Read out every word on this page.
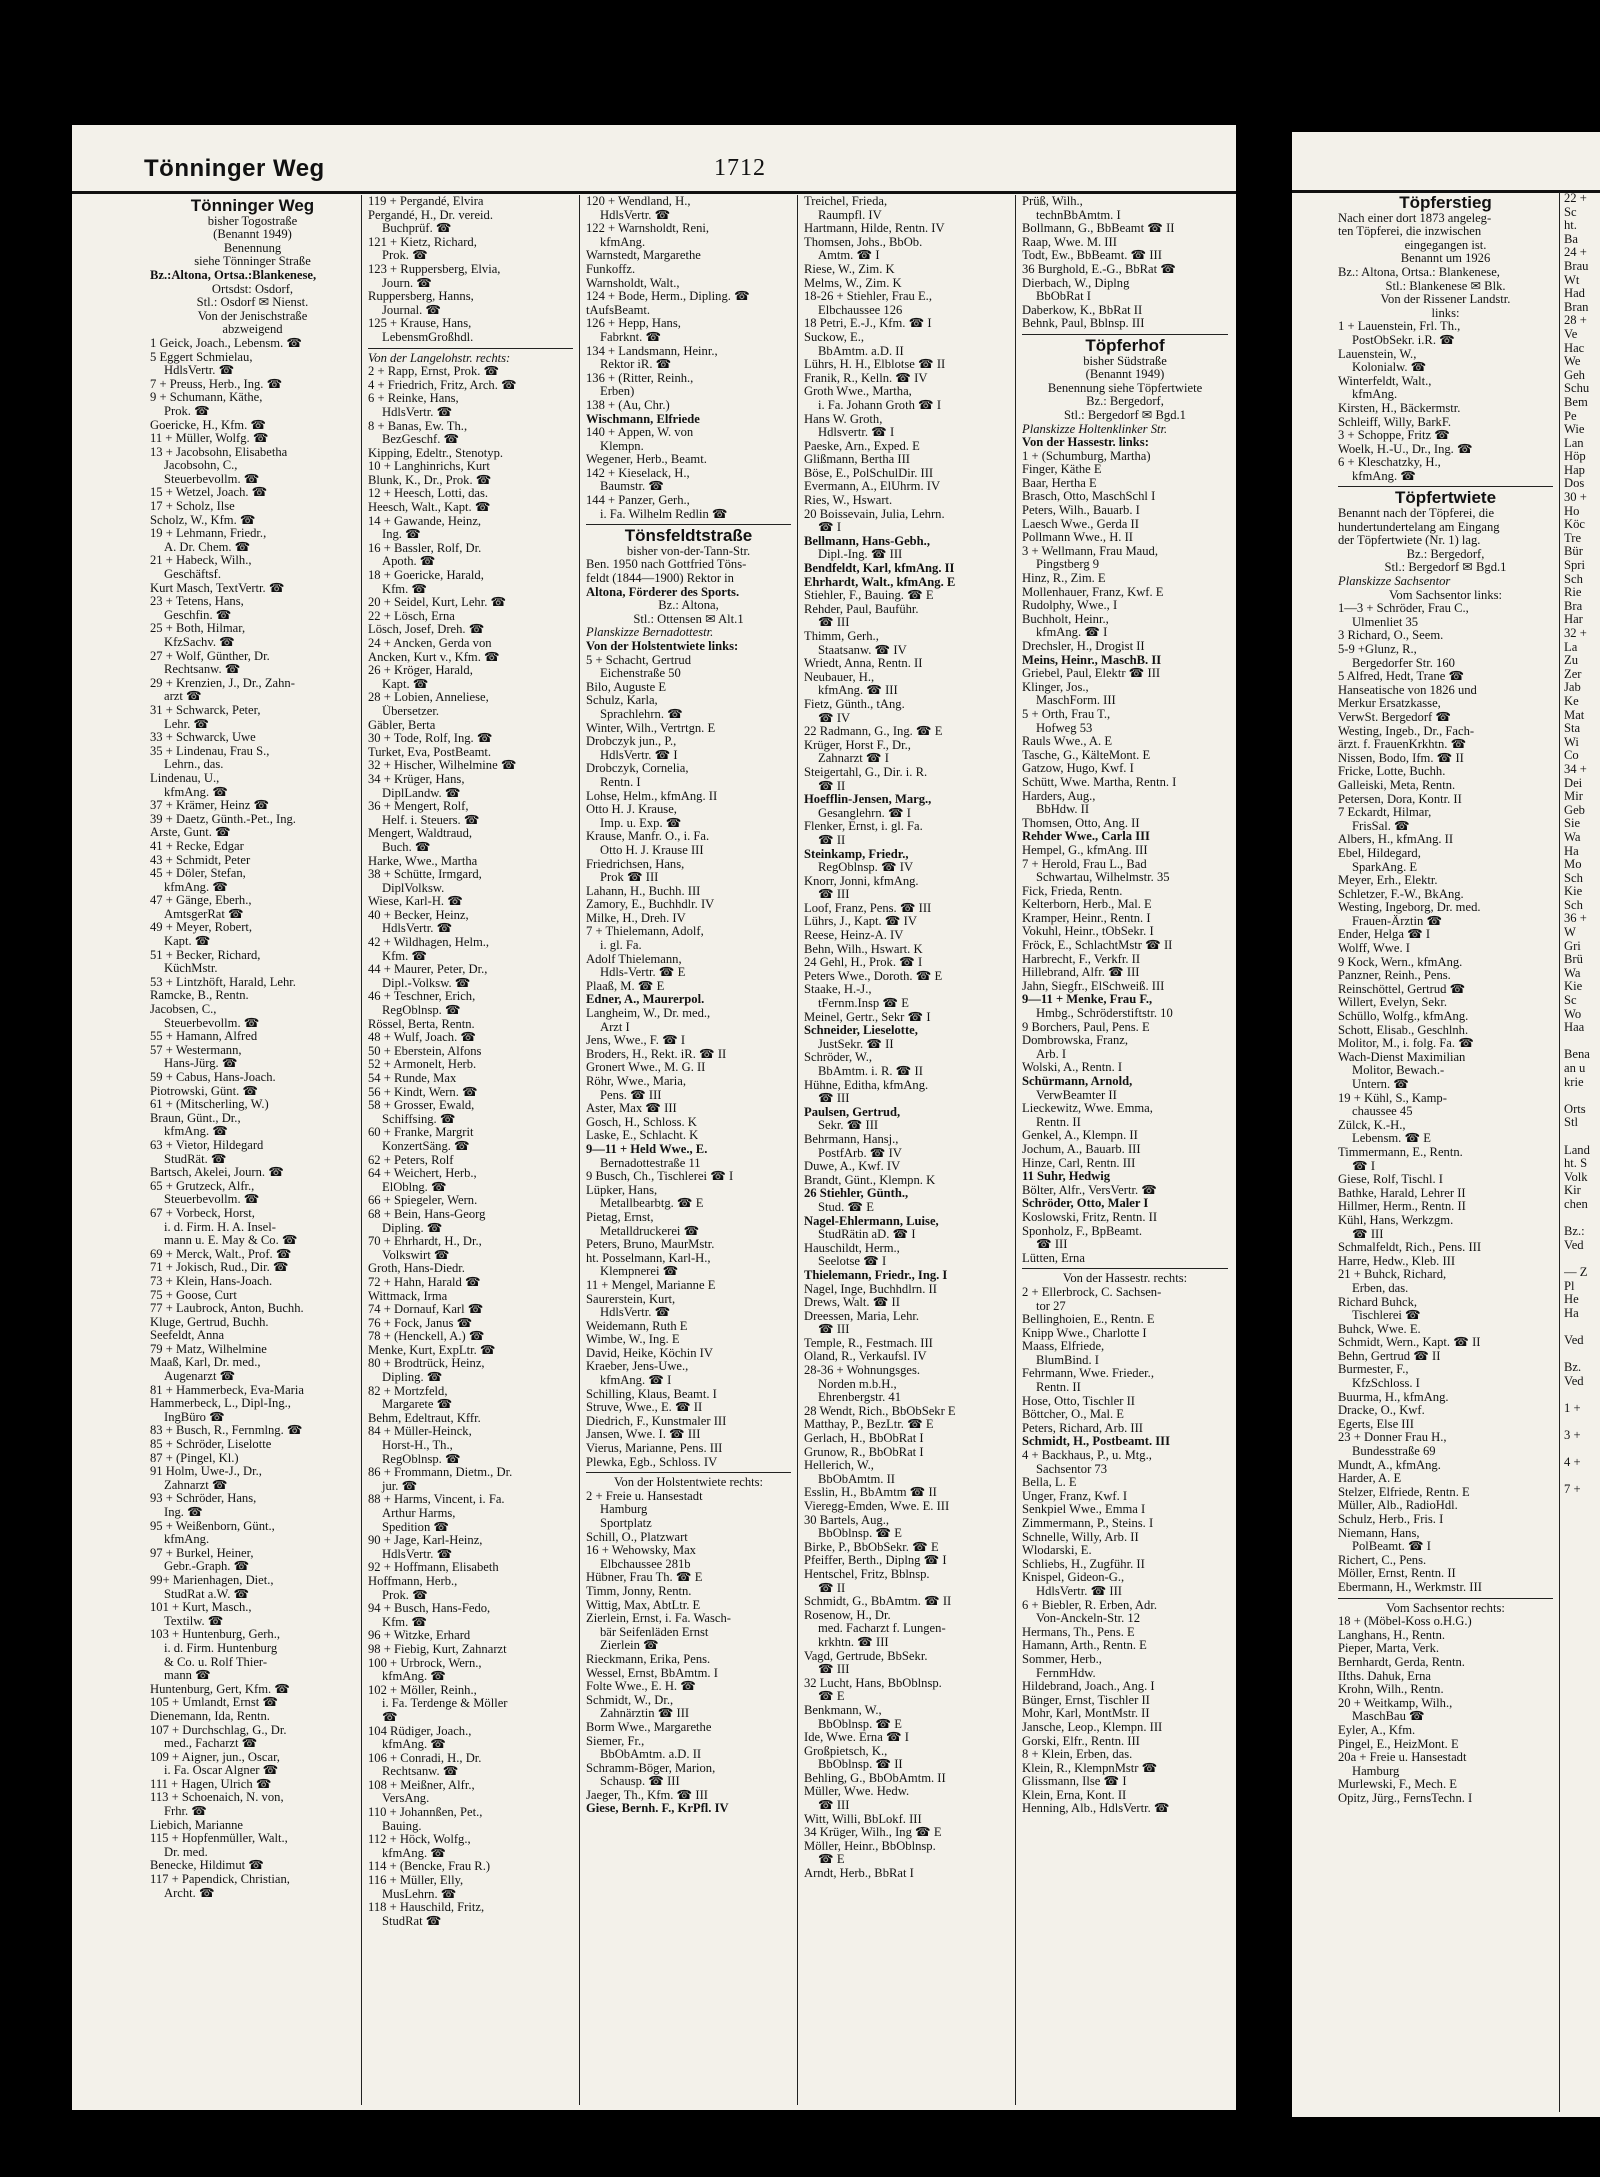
Tönninger Weg	1712
Tönninger Weg
bisher Togostraße
(Benannt 1949)
Benennung
siehe Tönninger Straße
Bz.:Altona, Ortsa.:Blankenese,
Ortsdst: Osdorf,
Stl.: Osdorf ✉ Nienst.
Von der Jenischstraße
abzweigend
1 Geick, Joach., Lebensm. ☎
5 Eggert Schmielau,
HdlsVertr. ☎
7 + Preuss, Herb., Ing. ☎
9 + Schumann, Käthe,
Prok. ☎
Goericke, H., Kfm. ☎
11 + Müller, Wolfg. ☎
13 + Jacobsohn, Elisabetha
Jacobsohn, C.,
Steuerbevollm. ☎
15 + Wetzel, Joach. ☎
17 + Scholz, Ilse
Scholz, W., Kfm. ☎
19 + Lehmann, Friedr.,
A. Dr. Chem. ☎
21 + Habeck, Wilh.,
Geschäftsf.
Kurt Masch, TextVertr. ☎
23 + Tetens, Hans,
Geschfin. ☎
25 + Both, Hilmar,
KfzSachv. ☎
27 + Wolf, Günther, Dr.
Rechtsanw. ☎
29 + Krenzien, J., Dr., Zahn-
arzt ☎
31 + Schwarck, Peter,
Lehr. ☎
33 + Schwarck, Uwe
35 + Lindenau, Frau S.,
Lehrn., das.
Lindenau, U.,
kfmAng. ☎
37 + Krämer, Heinz ☎
39 + Daetz, Günth.-Pet., Ing.
Arste, Gunt. ☎
41 + Recke, Edgar
43 + Schmidt, Peter
45 + Döler, Stefan,
kfmAng. ☎
47 + Gänge, Eberh.,
AmtsgerRat ☎
49 + Meyer, Robert,
Kapt. ☎
51 + Becker, Richard,
KüchMstr.
53 + Lintzhöft, Harald, Lehr.
Ramcke, B., Rentn.
Jacobsen, C.,
Steuerbevollm. ☎
55 + Hamann, Alfred
57 + Westermann,
Hans-Jürg. ☎
59 + Cabus, Hans-Joach.
Piotrowski, Günt. ☎
61 + (Mitscherling, W.)
Braun, Günt., Dr.,
kfmAng. ☎
63 + Vietor, Hildegard
StudRät. ☎
Bartsch, Akelei, Journ. ☎
65 + Grutzeck, Alfr.,
Steuerbevollm. ☎
67 + Vorbeck, Horst,
i. d. Firm. H. A. Insel-
mann u. E. May & Co. ☎
69 + Merck, Walt., Prof. ☎
71 + Jokisch, Rud., Dir. ☎
73 + Klein, Hans-Joach.
75 + Goose, Curt
77 + Laubrock, Anton, Buchh.
Kluge, Gertrud, Buchh.
Seefeldt, Anna
79 + Matz, Wilhelmine
Maaß, Karl, Dr. med.,
Augenarzt ☎
81 + Hammerbeck, Eva-Maria
Hammerbeck, L., Dipl-Ing.,
IngBüro ☎
83 + Busch, R., Fernmlng. ☎
85 + Schröder, Liselotte
87 + (Pingel, Kl.)
91 Holm, Uwe-J., Dr.,
Zahnarzt ☎
93 + Schröder, Hans,
Ing. ☎
95 + Weißenborn, Günt.,
kfmAng.
97 + Burkel, Heiner,
Gebr.-Graph. ☎
99+ Marienhagen, Diet.,
StudRat a.W. ☎
101 + Kurt, Masch.,
Textilw. ☎
103 + Huntenburg, Gerh.,
i. d. Firm. Huntenburg
& Co. u. Rolf Thier-
mann ☎
Huntenburg, Gert, Kfm. ☎
105 + Umlandt, Ernst ☎
Dienemann, Ida, Rentn.
107 + Durchschlag, G., Dr.
med., Facharzt ☎
109 + Aigner, jun., Oscar,
i. Fa. Oscar Algner ☎
111 + Hagen, Ulrich ☎
113 + Schoenaich, N. von,
Frhr. ☎
Liebich, Marianne
115 + Hopfenmüller, Walt.,
Dr. med.
Benecke, Hildimut ☎
117 + Papendick, Christian,
Archt. ☎
119 + Pergandé, Elvira
Pergandé, H., Dr. vereid.
Buchprüf. ☎
121 + Kietz, Richard,
Prok. ☎
123 + Ruppersberg, Elvia,
Journ. ☎
Ruppersberg, Hanns,
Journal. ☎
125 + Krause, Hans,
LebensmGroßhdl.
Von der Langelohstr. rechts:
2 + Rapp, Ernst, Prok. ☎
4 + Friedrich, Fritz, Arch. ☎
6 + Reinke, Hans,
HdlsVertr. ☎
8 + Banas, Ew. Th.,
BezGeschf. ☎
Kipping, Edeltr., Stenotyp.
10 + Langhinrichs, Kurt
Blunk, K., Dr., Prok. ☎
12 + Heesch, Lotti, das.
Heesch, Walt., Kapt. ☎
14 + Gawande, Heinz,
Ing. ☎
16 + Bassler, Rolf, Dr.
Apoth. ☎
18 + Goericke, Harald,
Kfm. ☎
20 + Seidel, Kurt, Lehr. ☎
22 + Lösch, Erna
Lösch, Josef, Dreh. ☎
24 + Ancken, Gerda von
Ancken, Kurt v., Kfm. ☎
26 + Kröger, Harald,
Kapt. ☎
28 + Lobien, Anneliese,
Übersetzer.
Gäbler, Berta
30 + Tode, Rolf, Ing. ☎
Turket, Eva, PostBeamt.
32 + Hischer, Wilhelmine ☎
34 + Krüger, Hans,
DiplLandw. ☎
36 + Mengert, Rolf,
Helf. i. Steuers. ☎
Mengert, Waldtraud,
Buch. ☎
Harke, Wwe., Martha
38 + Schütte, Irmgard,
DiplVolksw.
Wiese, Karl-H. ☎
40 + Becker, Heinz,
HdlsVertr. ☎
42 + Wildhagen, Helm.,
Kfm. ☎
44 + Maurer, Peter, Dr.,
Dipl.-Volksw. ☎
46 + Teschner, Erich,
RegOblnsp. ☎
Rössel, Berta, Rentn.
48 + Wulf, Joach. ☎
50 + Eberstein, Alfons
52 + Armonelt, Herb.
54 + Runde, Max
56 + Kindt, Wern. ☎
58 + Grosser, Ewald,
Schiffsing. ☎
60 + Franke, Margrit
KonzertSäng. ☎
62 + Peters, Rolf
64 + Weichert, Herb.,
ElOblng. ☎
66 + Spiegeler, Wern.
68 + Bein, Hans-Georg
Dipling. ☎
70 + Ehrhardt, H., Dr.,
Volkswirt ☎
Groth, Hans-Diedr.
72 + Hahn, Harald ☎
Wittmack, Irma
74 + Dornauf, Karl ☎
76 + Fock, Janus ☎
78 + (Henckell, A.) ☎
Menke, Kurt, ExpLtr. ☎
80 + Brodtrück, Heinz,
Dipling. ☎
82 + Mortzfeld,
Margarete ☎
Behm, Edeltraut, Kffr.
84 + Müller-Heinck,
Horst-H., Th.,
RegOblnsp. ☎
86 + Frommann, Dietm., Dr.
jur. ☎
88 + Harms, Vincent, i. Fa.
Arthur Harms,
Spedition ☎
90 + Jage, Karl-Heinz,
HdlsVertr. ☎
92 + Hoffmann, Elisabeth
Hoffmann, Herb.,
Prok. ☎
94 + Busch, Hans-Fedo,
Kfm. ☎
96 + Witzke, Erhard
98 + Fiebig, Kurt, Zahnarzt
100 + Urbrock, Wern.,
kfmAng. ☎
102 + Möller, Reinh.,
i. Fa. Terdenge & Möller
☎
104 Rüdiger, Joach.,
kfmAng. ☎
106 + Conradi, H., Dr.
Rechtsanw. ☎
108 + Meißner, Alfr.,
VersAng.
110 + Johannßen, Pet.,
Bauing.
112 + Höck, Wolfg.,
kfmAng. ☎
114 + (Bencke, Frau R.)
116 + Müller, Elly,
MusLehrn. ☎
118 + Hauschild, Fritz,
StudRat ☎
120 + Wendland, H.,
HdlsVertr. ☎
122 + Warnsholdt, Reni,
kfmAng.
Warnstedt, Margarethe
Funkoffz.
Warnsholdt, Walt.,
124 + Bode, Herm., Dipling. ☎
tAufsBeamt.
126 + Hepp, Hans,
Fabrknt. ☎
134 + Landsmann, Heinr.,
Rektor iR. ☎
136 + (Ritter, Reinh.,
Erben)
138 + (Au, Chr.)
Wischmann, Elfriede
140 + Appen, W. von
Klempn.
Wegener, Herb., Beamt.
142 + Kieselack, H.,
Baumstr. ☎
144 + Panzer, Gerh.,
i. Fa. Wilhelm Redlin ☎
Tönsfeldtstraße
bisher von-der-Tann-Str.
Ben. 1950 nach Gottfried Töns-
feldt (1844—1900) Rektor in
Altona, Förderer des Sports.
Bz.: Altona,
Stl.: Ottensen ✉ Alt.1
Planskizze Bernadottestr.
Von der Holstentwiete links:
5 + Schacht, Gertrud
Eichenstraße 50
Bilo, Auguste E
Schulz, Karla,
Sprachlehrn. ☎
Winter, Wilh., Vertrtgn. E
Drobczyk jun., P.,
HdlsVertr. ☎ I
Drobczyk, Cornelia,
Rentn. I
Lohse, Helm., kfmAng. II
Otto H. J. Krause,
Imp. u. Exp. ☎
Krause, Manfr. O., i. Fa.
Otto H. J. Krause III
Friedrichsen, Hans,
Prok ☎ III
Lahann, H., Buchh. III
Zamory, E., Buchhdlr. IV
Milke, H., Dreh. IV
7 + Thielemann, Adolf,
i. gl. Fa.
Adolf Thielemann,
Hdls-Vertr. ☎ E
Plaaß, M. ☎ E
Edner, A., Maurerpol.
Langheim, W., Dr. med.,
Arzt I
Jens, Wwe., F. ☎ I
Broders, H., Rekt. iR. ☎ II
Gronert Wwe., M. G. II
Röhr, Wwe., Maria,
Pens. ☎ III
Aster, Max ☎ III
Gosch, H., Schloss. K
Laske, E., Schlacht. K
9—11 + Held Wwe., E.
Bernadottestraße 11
9 Busch, Ch., Tischlerei ☎ I
Lüpker, Hans,
Metallbearbtg. ☎ E
Pietag, Ernst,
Metalldruckerei ☎
Peters, Bruno, MaurMstr.
ht. Posselmann, Karl-H.,
Klempnerei ☎
11 + Mengel, Marianne E
Saurerstein, Kurt,
HdlsVertr. ☎
Weidemann, Ruth E
Wimbe, W., Ing. E
David, Heike, Köchin IV
Kraeber, Jens-Uwe.,
kfmAng. ☎ I
Schilling, Klaus, Beamt. I
Struve, Wwe., E. ☎ II
Diedrich, F., Kunstmaler III
Jansen, Wwe. I. ☎ III
Vierus, Marianne, Pens. III
Plewka, Egb., Schloss. IV
Von der Holstentwiete rechts:
2 + Freie u. Hansestadt
Hamburg
Sportplatz
Schill, O., Platzwart
16 + Wehowsky, Max
Elbchaussee 281b
Hübner, Frau Th. ☎ E
Timm, Jonny, Rentn.
Wittig, Max, AbtLtr. E
Zierlein, Ernst, i. Fa. Wasch-
bär Seifenläden Ernst
Zierlein ☎
Rieckmann, Erika, Pens.
Wessel, Ernst, BbAmtm. I
Folte Wwe., E. H. ☎
Schmidt, W., Dr.,
Zahnärztin ☎ III
Borm Wwe., Margarethe
Siemer, Fr.,
BbObAmtm. a.D. II
Schramm-Böger, Marion,
Schausp. ☎ III
Jaeger, Th., Kfm. ☎ III
Giese, Bernh. F., KrPfl. IV
Treichel, Frieda,
Raumpfl. IV
Hartmann, Hilde, Rentn. IV
Thomsen, Johs., BbOb.
Amtm. ☎ I
Riese, W., Zim. K
Melms, W., Zim. K
18-26 + Stiehler, Frau E.,
Elbchaussee 126
18 Petri, E.-J., Kfm. ☎ I
Suckow, E.,
BbAmtm. a.D. II
Lührs, H. H., Elblotse ☎ II
Franik, R., Kelln. ☎ IV
Groth Wwe., Martha,
i. Fa. Johann Groth ☎ I
Hans W. Groth,
Hdlsvertr. ☎ I
Paeske, Arn., Exped. E
Glißmann, Bertha III
Böse, E., PolSchulDir. III
Evermann, A., ElUhrm. IV
Ries, W., Hswart.
20 Boissevain, Julia, Lehrn.
☎ I
Bellmann, Hans-Gebh.,
Dipl.-Ing. ☎ III
Bendfeldt, Karl, kfmAng. II
Ehrhardt, Walt., kfmAng. E
Stiehler, F., Bauing. ☎ E
Rehder, Paul, Bauführ.
☎ III
Thimm, Gerh.,
Staatsanw. ☎ IV
Wriedt, Anna, Rentn. II
Neubauer, H.,
kfmAng. ☎ III
Fietz, Günth., tAng.
☎ IV
22 Radmann, G., Ing. ☎ E
Krüger, Horst F., Dr.,
Zahnarzt ☎ I
Steigertahl, G., Dir. i. R.
☎ II
Hoefflin-Jensen, Marg.,
Gesanglehrn. ☎ I
Flenker, Ernst, i. gl. Fa.
☎ II
Steinkamp, Friedr.,
RegOblnsp. ☎ IV
Knorr, Jonni, kfmAng.
☎ III
Loof, Franz, Pens. ☎ III
Lührs, J., Kapt. ☎ IV
Reese, Heinz-A. IV
Behn, Wilh., Hswart. K
24 Gehl, H., Prok. ☎ I
Peters Wwe., Doroth. ☎ E
Staake, H.-J.,
tFernm.Insp ☎ E
Meinel, Gertr., Sekr ☎ I
Schneider, Lieselotte,
JustSekr. ☎ II
Schröder, W.,
BbAmtm. i. R. ☎ II
Hühne, Editha, kfmAng.
☎ III
Paulsen, Gertrud,
Sekr. ☎ III
Behrmann, Hansj.,
PostfArb. ☎ IV
Duwe, A., Kwf. IV
Brandt, Günt., Klempn. K
26 Stiehler, Günth.,
Stud. ☎ E
Nagel-Ehlermann, Luise,
StudRätin aD. ☎ I
Hauschildt, Herm.,
Seelotse ☎ I
Thielemann, Friedr., Ing. I
Nagel, Inge, Buchhdlrn. II
Drews, Walt. ☎ II
Dreessen, Maria, Lehr.
☎ III
Temple, R., Festmach. III
Oland, R., Verkaufsl. IV
28-36 + Wohnungsges.
Norden m.b.H.,
Ehrenbergstr. 41
28 Wendt, Rich., BbObSekr E
Matthay, P., BezLtr. ☎ E
Gerlach, H., BbObRat I
Grunow, R., BbObRat I
Hellerich, W.,
BbObAmtm. II
Esslin, H., BbAmtm ☎ II
Vieregg-Emden, Wwe. E. III
30 Bartels, Aug.,
BbOblnsp. ☎ E
Birke, P., BbObSekr. ☎ E
Pfeiffer, Berth., Diplng ☎ I
Hentschel, Fritz, Bblnsp.
☎ II
Schmidt, G., BbAmtm. ☎ II
Rosenow, H., Dr.
med. Facharzt f. Lungen-
krkhtn. ☎ III
Vagd, Gertrude, BbSekr.
☎ III
32 Lucht, Hans, BbOblnsp.
☎ E
Benkmann, W.,
BbOblnsp. ☎ E
Ide, Wwe. Erna ☎ I
Großpietsch, K.,
BbOblnsp. ☎ II
Behling, G., BbObAmtm. II
Müller, Wwe. Hedw.
☎ III
Witt, Willi, BbLokf. III
34 Krüger, Wilh., Ing ☎ E
Möller, Heinr., BbOblnsp.
☎ E
Arndt, Herb., BbRat I
Prüß, Wilh.,
technBbAmtm. I
Bollmann, G., BbBeamt ☎ II
Raap, Wwe. M. III
Todt, Ew., BbBeamt. ☎ III
36 Burghold, E.-G., BbRat ☎
Dierbach, W., Diplng
BbObRat I
Daberkow, K., BbRat II
Behnk, Paul, Bblnsp. III
Töpferhof
bisher Südstraße
(Benannt 1949)
Benennung siehe Töpfertwiete
Bz.: Bergedorf,
Stl.: Bergedorf ✉ Bgd.1
Planskizze Holtenklinker Str.
Von der Hassestr. links:
1 + (Schumburg, Martha)
Finger, Käthe E
Baar, Hertha E
Brasch, Otto, MaschSchl I
Peters, Wilh., Bauarb. I
Laesch Wwe., Gerda II
Pollmann Wwe., H. II
3 + Wellmann, Frau Maud,
Pingstberg 9
Hinz, R., Zim. E
Mollenhauer, Franz, Kwf. E
Rudolphy, Wwe., I
Buchholt, Heinr.,
kfmAng. ☎ I
Drechsler, H., Drogist II
Meins, Heinr., MaschB. II
Griebel, Paul, Elektr ☎ III
Klinger, Jos.,
MaschForm. III
5 + Orth, Frau T.,
Hofweg 53
Rauls Wwe., A. E
Tasche, G., KälteMont. E
Gatzow, Hugo, Kwf. I
Schütt, Wwe. Martha, Rentn. I
Harders, Aug.,
BbHdw. II
Thomsen, Otto, Ang. II
Rehder Wwe., Carla III
Hempel, G., kfmAng. III
7 + Herold, Frau L., Bad
Schwartau, Wilhelmstr. 35
Fick, Frieda, Rentn.
Kelterborn, Herb., Mal. E
Kramper, Heinr., Rentn. I
Vokuhl, Heinr., tObSekr. I
Fröck, E., SchlachtMstr ☎ II
Harbrecht, F., Verkfr. II
Hillebrand, Alfr. ☎ III
Jahn, Siegfr., ElSchweiß. III
9—11 + Menke, Frau F.,
Hmbg., Schröderstiftstr. 10
9 Borchers, Paul, Pens. E
Dombrowska, Franz,
Arb. I
Wolski, A., Rentn. I
Schürmann, Arnold,
VerwBeamter II
Lieckewitz, Wwe. Emma,
Rentn. II
Genkel, A., Klempn. II
Jochum, A., Bauarb. III
Hinze, Carl, Rentn. III
11 Suhr, Hedwig
Bölter, Alfr., VersVertr. ☎
Schröder, Otto, Maler I
Koslowski, Fritz, Rentn. II
Sponholz, F., BpBeamt.
☎ III
Lütten, Erna
Von der Hassestr. rechts:
2 + Ellerbrock, C. Sachsen-
tor 27
Bellinghoien, E., Rentn. E
Knipp Wwe., Charlotte I
Maass, Elfriede,
BlumBind. I
Fehrmann, Wwe. Frieder.,
Rentn. II
Hose, Otto, Tischler II
Böttcher, O., Mal. E
Peters, Richard, Arb. III
Schmidt, H., Postbeamt. III
4 + Backhaus, P., u. Mtg.,
Sachsentor 73
Bella, L. E
Unger, Franz, Kwf. I
Senkpiel Wwe., Emma I
Zimmermann, P., Steins. I
Schnelle, Willy, Arb. II
Wlodarski, E.
Schliebs, H., Zugführ. II
Knispel, Gideon-G.,
HdlsVertr. ☎ III
6 + Biebler, R. Erben, Adr.
Von-Anckeln-Str. 12
Hermans, Th., Pens. E
Hamann, Arth., Rentn. E
Sommer, Herb.,
FernmHdw.
Hildebrand, Joach., Ang. I
Bünger, Ernst, Tischler II
Mohr, Karl, MontMstr. II
Jansche, Leop., Klempn. III
Gorski, Elfr., Rentn. III
8 + Klein, Erben, das.
Klein, R., KlempnMstr ☎
Glissmann, Ilse ☎ I
Klein, Erna, Kont. II
Henning, Alb., HdlsVertr. ☎
Töpferstieg
Nach einer dort 1873 angeleg-
ten Töpferei, die inzwischen
eingegangen ist.
Benannt um 1926
Bz.: Altona, Ortsa.: Blankenese,
Stl.: Blankenese ✉ Blk.
Von der Rissener Landstr.
links:
1 + Lauenstein, Frl. Th.,
PostObSekr. i.R. ☎
Lauenstein, W.,
Kolonialw. ☎
Winterfeldt, Walt.,
kfmAng.
Kirsten, H., Bäckermstr.
Schleiff, Willy, BarkF.
3 + Schoppe, Fritz ☎
Woelk, H.-U., Dr., Ing. ☎
6 + Kleschatzky, H.,
kfmAng. ☎
Töpfertwiete
Benannt nach der Töpferei, die
hundertundertelang am Eingang
der Töpfertwiete (Nr. 1) lag.
Bz.: Bergedorf,
Stl.: Bergedorf ✉ Bgd.1
Planskizze Sachsentor
Vom Sachsentor links:
1—3 + Schröder, Frau C.,
Ulmenliet 35
3 Richard, O., Seem.
5-9 +Glunz, R.,
Bergedorfer Str. 160
5 Alfred, Hedt, Trane ☎
Hanseatische von 1826 und
Merkur Ersatzkasse,
VerwSt. Bergedorf ☎
Westing, Ingeb., Dr., Fach-
ärzt. f. FrauenKrkhtn. ☎
Nissen, Bodo, Ifm. ☎ II
Fricke, Lotte, Buchh.
Galleiski, Meta, Rentn.
Petersen, Dora, Kontr. II
7 Eckardt, Hilmar,
FrisSal. ☎
Albers, H., kfmAng. II
Ebel, Hildegard,
SparkAng. E
Meyer, Erh., Elektr.
Schletzer, F.-W., BkAng.
Westing, Ingeborg, Dr. med.
Frauen-Ärztin ☎
Ender, Helga ☎ I
Wolff, Wwe. I
9 Kock, Wern., kfmAng.
Panzner, Reinh., Pens.
Reinschöttel, Gertrud ☎
Willert, Evelyn, Sekr.
Schüllo, Wolfg., kfmAng.
Schott, Elisab., Geschlnh.
Molitor, M., i. folg. Fa. ☎
Wach-Dienst Maximilian
Molitor, Bewach.-
Untern. ☎
19 + Kühl, S., Kamp-
chaussee 45
Zülck, K.-H.,
Lebensm. ☎ E
Timmermann, E., Rentn.
☎ I
Giese, Rolf, Tischl. I
Bathke, Harald, Lehrer II
Hillmer, Herm., Rentn. II
Kühl, Hans, Werkzgm.
☎ III
Schmalfeldt, Rich., Pens. III
Harre, Hedw., Kleb. III
21 + Buhck, Richard,
Erben, das.
Richard Buhck,
Tischlerei ☎
Buhck, Wwe. E.
Schmidt, Wern., Kapt. ☎ II
Behn, Gertrud ☎ II
Burmester, F.,
KfzSchloss. I
Buurma, H., kfmAng.
Dracke, O., Kwf.
Egerts, Else III
23 + Donner Frau H.,
Bundesstraße 69
Mundt, A., kfmAng.
Harder, A. E
Stelzer, Elfriede, Rentn. E
Müller, Alb., RadioHdl.
Schulz, Herb., Fris. I
Niemann, Hans,
PolBeamt. ☎ I
Richert, C., Pens.
Möller, Ernst, Rentn. II
Ebermann, H., Werkmstr. III
Vom Sachsentor rechts:
18 + (Möbel-Koss o.H.G.)
Langhans, H., Rentn.
Pieper, Marta, Verk.
Bernhardt, Gerda, Rentn.
IIths. Dahuk, Erna
Krohn, Wilh., Rentn.
20 + Weitkamp, Wilh.,
MaschBau ☎
Eyler, A., Kfm.
Pingel, E., HeizMont. E
20a + Freie u. Hansestadt
Hamburg
Murlewski, F., Mech. E
Opitz, Jürg., FernsTechn. I
22 +
Sc
ht.
Ba
24 +
Brau
Wt
Had
Bran
28 +
Ve
Hac
We
Geh
Schu
Bem
Pe
Wie
Lan
Höp
Hap
Dos
30 +
Ho
Köc
Tre
Bür
Spri
Sch
Rie
Bra
Har
32 +
La
Zu
Zer
Jab
Ke
Mat
Sta
Wi
Co
34 +
Dei
Mir
Geb
Sie
Wa
Ha
Mo
Sch
Kie
Sch
36 +
W
Gri
Brü
Wa
Kie
Sc
Wo
Haa

Bena
an u
krie

Orts
Stl

Land
ht. S
Volk
Kir
chen

Bz.:
Ved

— Z
Pl
He
Ha

Ved

Bz.
Ved

1 +

3 +

4 +

7 +
